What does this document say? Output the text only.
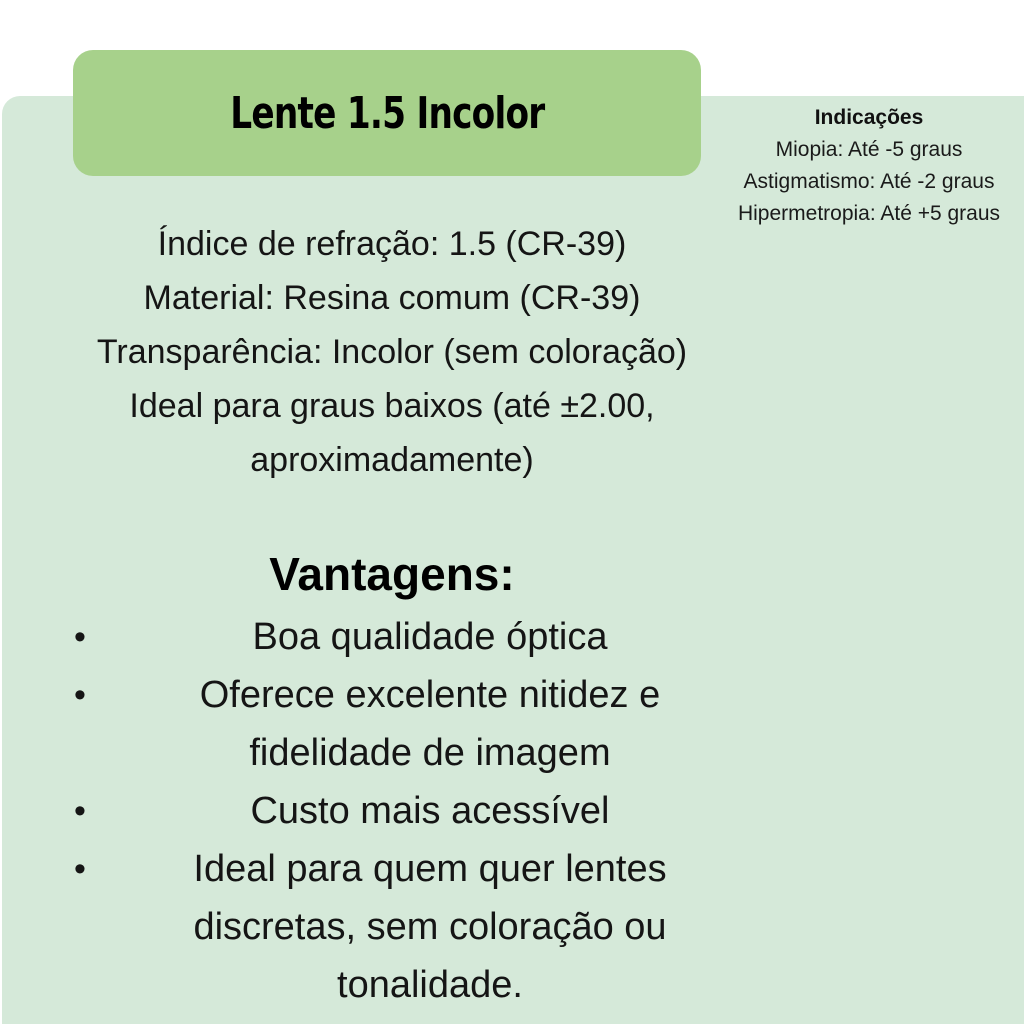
Lente 1.5 Incolor	Indicações
Miopia: Até -5 graus
Astigmatismo: Até -2 graus
Hipermetropia: Até +5 graus
Índice de refração: 1.5 (CR-39)
Material: Resina comum (CR-39)
Transparência: Incolor (sem coloração)
Ideal para graus baixos (até ±2.00,
aproximadamente)
Vantagens:
•	Boa qualidade óptica
•	Oferece excelente nitidez e
fidelidade de imagem
•	Custo mais acessível
•	Ideal para quem quer lentes
discretas, sem coloração ou
tonalidade.
